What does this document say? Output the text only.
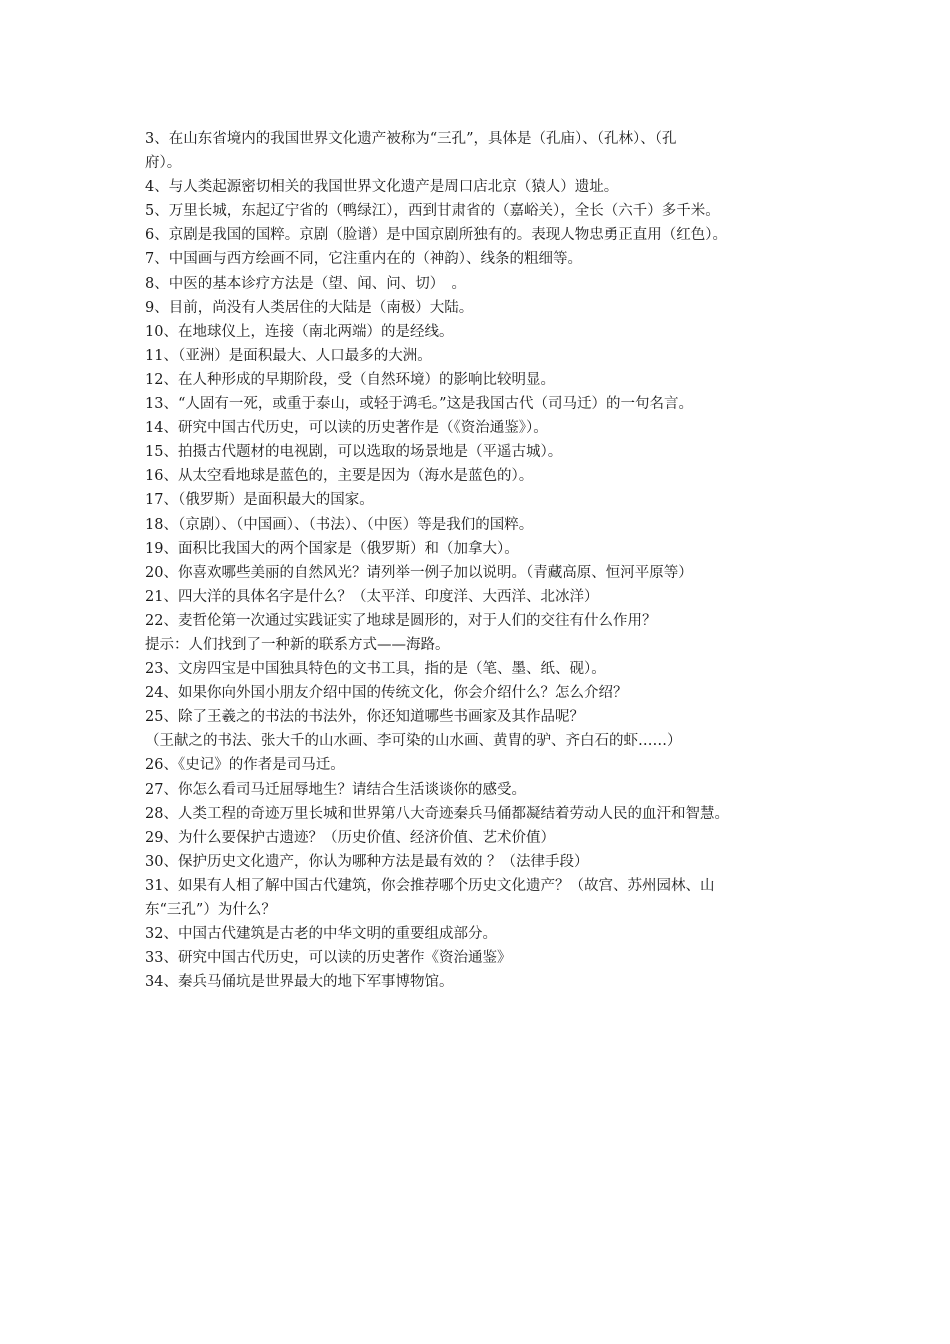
3、在山东省境内的我国世界文化遗产被称为“三孔”，具体是（孔庙）、（孔林）、（孔
府）。
4、与人类起源密切相关的我国世界文化遗产是周口店北京（猿人）遗址。
5、万里长城，东起辽宁省的（鸭绿江），西到甘肃省的（嘉峪关），全长（六千）多千米。
6、京剧是我国的国粹。京剧（脸谱）是中国京剧所独有的。表现人物忠勇正直用（红色）。
7、中国画与西方绘画不同，它注重内在的（神韵）、线条的粗细等。
8、中医的基本诊疗方法是（望、闻、问、切）　。
9、目前，尚没有人类居住的大陆是（南极）大陆。
10、在地球仪上，连接（南北两端）的是经线。
11、（亚洲）是面积最大、人口最多的大洲。
12、在人种形成的早期阶段，受（自然环境）的影响比较明显。
13、“人固有一死，或重于泰山，或轻于鸿毛。”这是我国古代（司马迁）的一句名言。
14、研究中国古代历史，可以读的历史著作是（《资治通鉴》）。
15、拍摄古代题材的电视剧，可以选取的场景地是（平遥古城）。
16、从太空看地球是蓝色的，主要是因为（海水是蓝色的）。
17、（俄罗斯）是面积最大的国家。
18、（京剧）、（中国画）、（书法）、（中医）等是我们的国粹。
19、面积比我国大的两个国家是（俄罗斯）和（加拿大）。
20、你喜欢哪些美丽的自然风光？请列举一例子加以说明。（青藏高原、恒河平原等）
21、四大洋的具体名字是什么？（太平洋、印度洋、大西洋、北冰洋）
22、麦哲伦第一次通过实践证实了地球是圆形的，对于人们的交往有什么作用？
提示：人们找到了一种新的联系方式——海路。
23、文房四宝是中国独具特色的文书工具，指的是（笔、墨、纸、砚）。
24、如果你向外国小朋友介绍中国的传统文化，你会介绍什么？怎么介绍？
25、除了王羲之的书法的书法外，你还知道哪些书画家及其作品呢？
（王献之的书法、张大千的山水画、李可染的山水画、黄胄的驴、齐白石的虾……）
26、《史记》的作者是司马迁。
27、你怎么看司马迁屈辱地生？请结合生活谈谈你的感受。
28、人类工程的奇迹万里长城和世界第八大奇迹秦兵马俑都凝结着劳动人民的血汗和智慧。
29、为什么要保护古遗迹？（历史价值、经济价值、艺术价值）
30、保护历史文化遗产，你认为哪种方法是最有效的 ？（法律手段）
31、如果有人相了解中国古代建筑，你会推荐哪个历史文化遗产？（故宫、苏州园林、山
东“三孔”）为什么？
32、中国古代建筑是古老的中华文明的重要组成部分。
33、研究中国古代历史，可以读的历史著作《资治通鉴》
34、秦兵马俑坑是世界最大的地下军事博物馆。
